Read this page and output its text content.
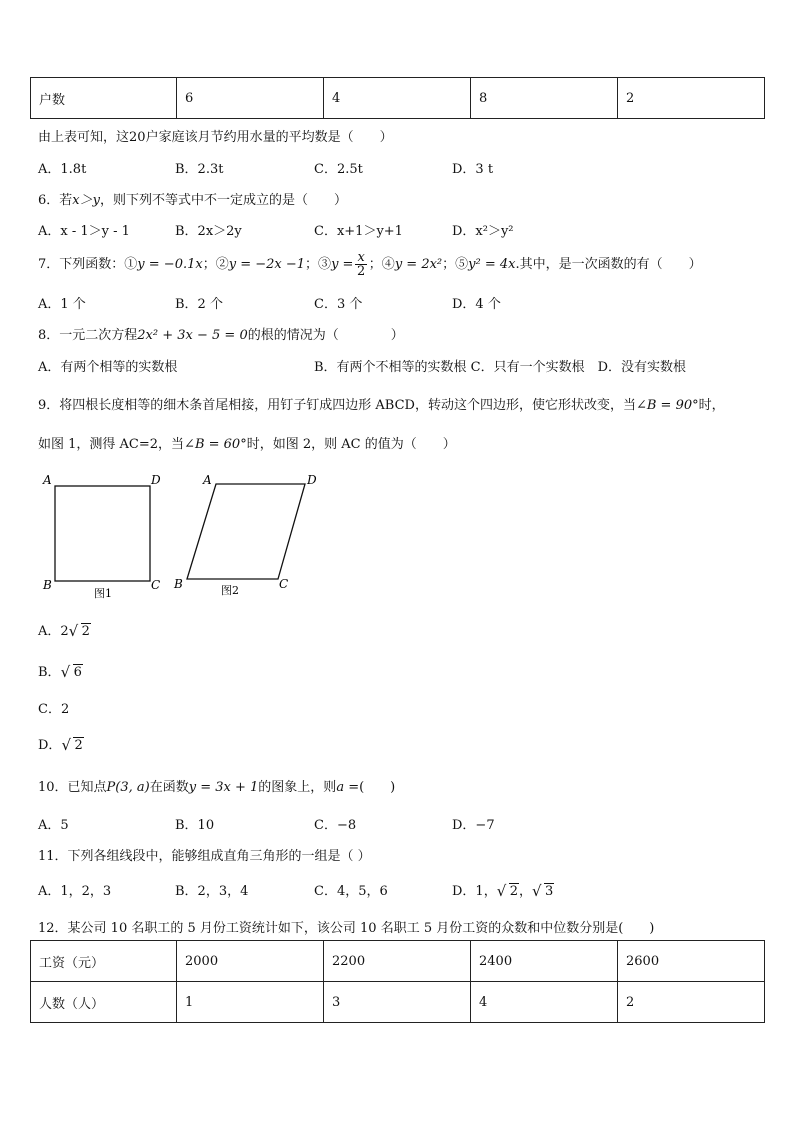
户数	6	4	8	2
由上表可知，这20户家庭该月节约用水量的平均数是（　　）
A．1.8t	B．2.3t	C．2.5t	D．3 t
6．若x＞y，则下列不等式中不一定成立的是（　　）
A．x - 1＞y - 1	B．2x＞2y	C．x+1＞y+1	D．x²＞y²
7．下列函数：①y = −0.1x；②y = −2x −1；③y = $\frac{x}{2}$ ；④y = 2x²；⑤y² = 4x.其中，是一次函数的有（　　）
A．1 个	B．2 个	C．3 个	D．4 个
8．一元二次方程2x² + 3x − 5 = 0的根的情况为（　　　　）
A．有两个相等的实数根	B．有两个不相等的实数根 C．只有一个实数根　D．没有实数根
9．将四根长度相等的细木条首尾相接，用钉子钉成四边形 ABCD，转动这个四边形，使它形状改变，当∠B = 90°时，
如图 1，测得 AC=2，当∠B = 60°时，如图 2，则 AC 的值为（　　）
A	D
B	C
图1
A	D
B	C
图2
A．2 √ 2
B． √ 6
C．2
D． √ 2
10．已知点P(3, a)在函数y = 3x + 1的图象上，则a =(　　)
A．5	B．10	C．−8	D．−7
11．下列各组线段中，能够组成直角三角形的一组是（ ）
A．1，2，3	B．2，3，4	C．4，5，6	D．1， √ 2， √ 3
12．某公司 10 名职工的 5 月份工资统计如下，该公司 10 名职工 5 月份工资的众数和中位数分别是(　　)
工资（元）	2000	2200	2400	2600
人数（人）	1	3	4	2
